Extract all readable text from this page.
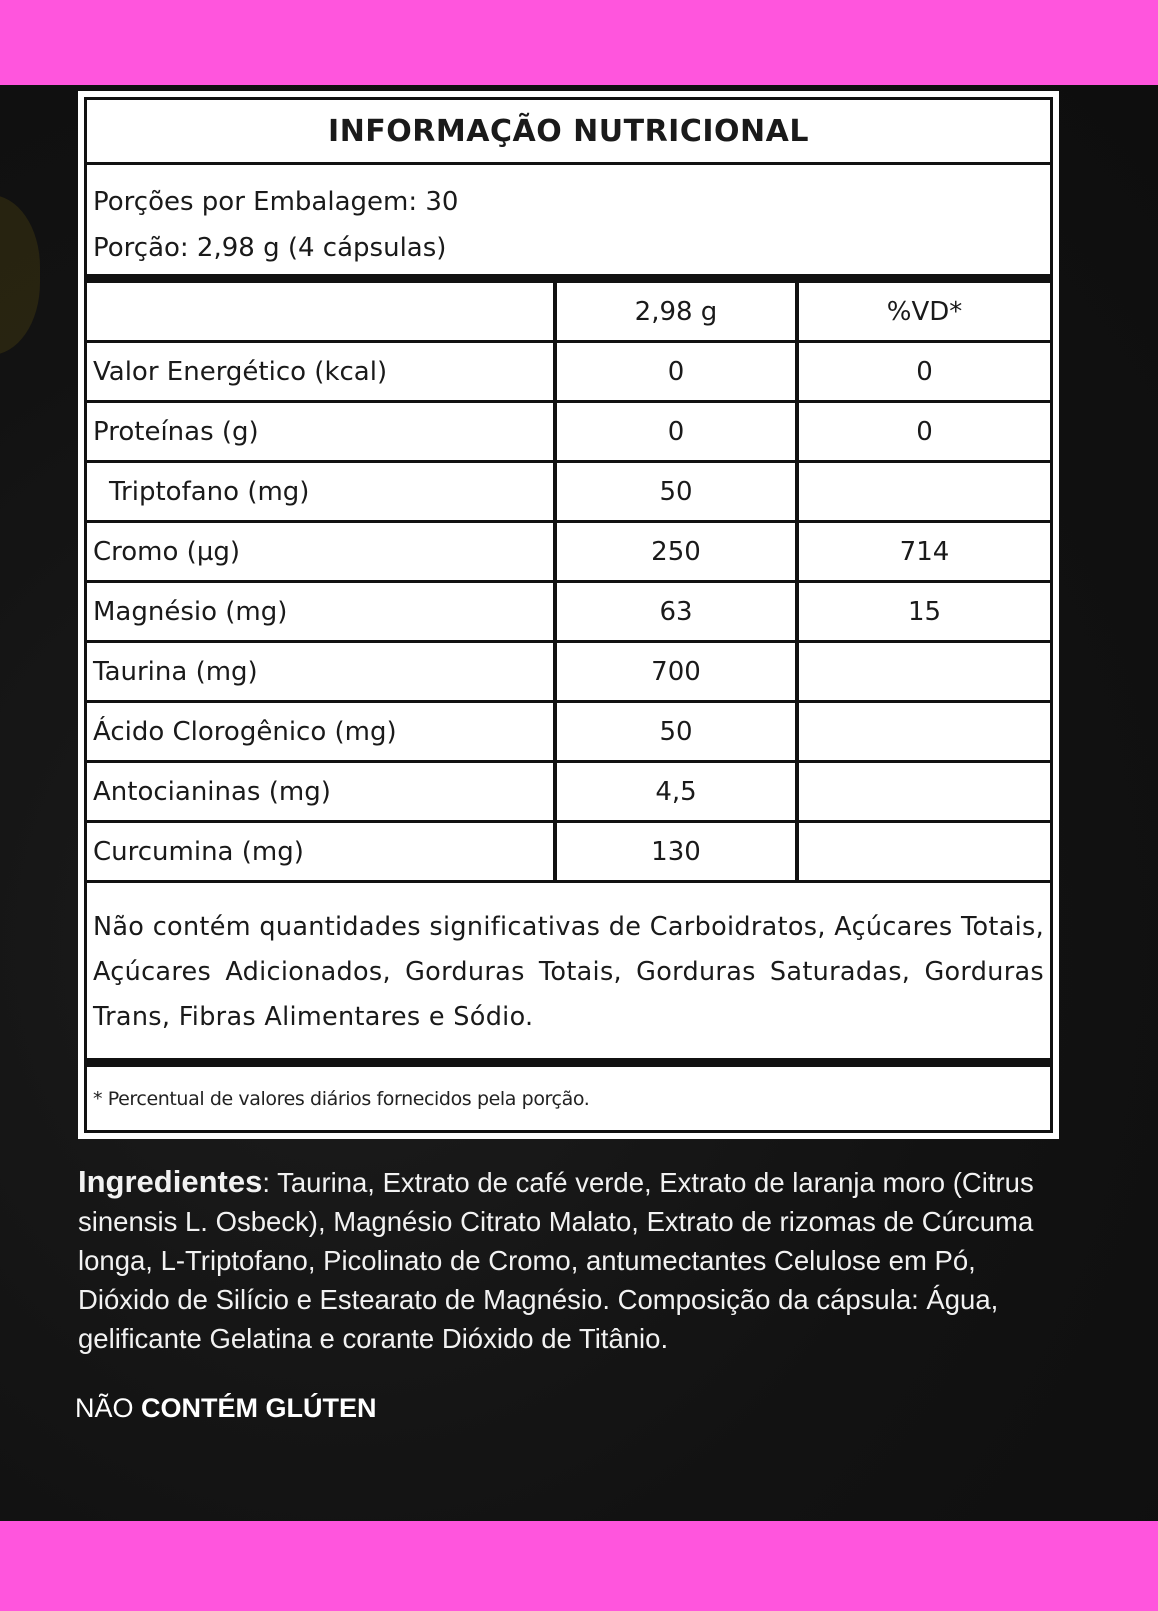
INFORMAÇÃO NUTRICIONAL
Porções por Embalagem: 30
Porção: 2,98 g (4 cápsulas)
	2,98 g	%VD*
Valor Energético (kcal)	0	0
Proteínas (g)	0	0
Triptofano (mg)	50	
Cromo (µg)	250	714
Magnésio (mg)	63	15
Taurina (mg)	700	
Ácido Clorogênico (mg)	50	
Antocianinas (mg)	4,5	
Curcumina (mg)	130	
Não contém quantidades significativas de Carboidratos, Açúcares Totais, Açúcares Adicionados, Gorduras Totais, Gorduras Saturadas, Gorduras Trans, Fibras Alimentares e Sódio.
* Percentual de valores diários fornecidos pela porção.
Ingredientes: Taurina, Extrato de café verde, Extrato de laranja moro (Citrus sinensis L. Osbeck), Magnésio Citrato Malato, Extrato de rizomas de Cúrcuma longa, L-Triptofano, Picolinato de Cromo, antumectantes Celulose em Pó, Dióxido de Silício e Estearato de Magnésio. Composição da cápsula: Água, gelificante Gelatina e corante Dióxido de Titânio.
NÃO CONTÉM GLÚTEN
